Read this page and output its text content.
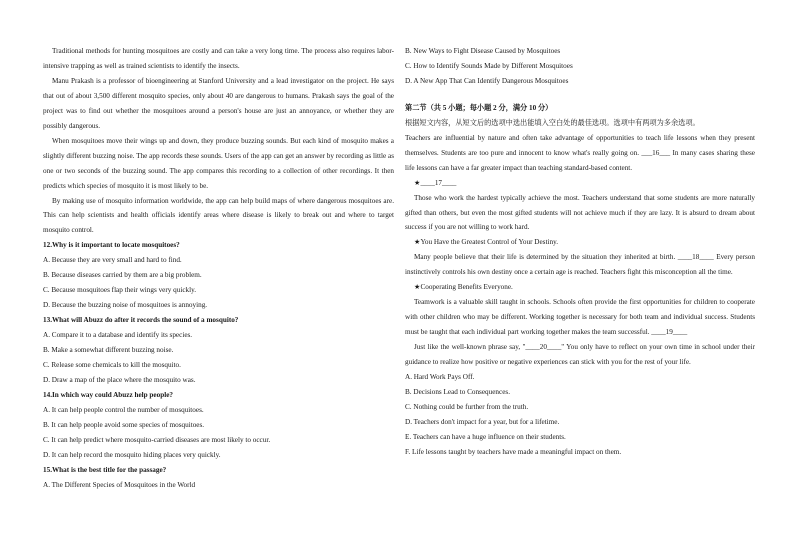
Traditional methods for hunting mosquitoes are costly and can take a very long time. The process also requires labor-intensive trapping as well as trained scientists to identify the insects.

Manu Prakash is a professor of bioengineering at Stanford University and a lead investigator on the project. He says that out of about 3,500 different mosquito species, only about 40 are dangerous to humans. Prakash says the goal of the project was to find out whether the mosquitoes around a person's house are just an annoyance, or whether they are possibly dangerous.

When mosquitoes move their wings up and down, they produce buzzing sounds. But each kind of mosquito makes a slightly different buzzing noise. The app records these sounds. Users of the app can get an answer by recording as little as one or two seconds of the buzzing sound. The app compares this recording to a collection of other recordings. It then predicts which species of mosquito it is most likely to be.

By making use of mosquito information worldwide, the app can help build maps of where dangerous mosquitoes are. This can help scientists and health officials identify areas where disease is likely to break out and where to target mosquito control.

12.Why is it important to locate mosquitoes?

A. Because they are very small and hard to find.

B. Because diseases carried by them are a big problem.

C. Because mosquitoes flap their wings very quickly.

D. Because the buzzing noise of mosquitoes is annoying.

13.What will Abuzz do after it records the sound of a mosquito?

A. Compare it to a database and identify its species.

B. Make a somewhat different buzzing noise.

C. Release some chemicals to kill the mosquito.

D. Draw a map of the place where the mosquito was.

14.In which way could Abuzz help people?

A. It can help people control the number of mosquitoes.

B. It can help people avoid some species of mosquitoes.

C. It can help predict where mosquito-carried diseases are most likely to occur.

D. It can help record the mosquito hiding places very quickly.

15.What is the best title for the passage?

A. The Different Species of Mosquitoes in the World

B. New Ways to Fight Disease Caused by Mosquitoes

C. How to Identify Sounds Made by Different Mosquitoes

D. A New App That Can Identify Dangerous Mosquitoes

第二节（共 5 小题；每小题 2 分，满分 10 分）

根据短文内容，从短文后的选项中选出能填入空白处的最佳选项。选项中有两项为多余选项。

Teachers are influential by nature and often take advantage of opportunities to teach life lessons when they present themselves. Students are too pure and innocent to know what's really going on. ___16___ In many cases sharing these life lessons can have a far greater impact than teaching standard-based content.

★____17____

Those who work the hardest typically achieve the most. Teachers understand that some students are more naturally gifted than others, but even the most gifted students will not achieve much if they are lazy. It is absurd to dream about success if you are not willing to work hard.

★You Have the Greatest Control of Your Destiny.

Many people believe that their life is determined by the situation they inherited at birth. ____18____ Every person instinctively controls his own destiny once a certain age is reached. Teachers fight this misconception all the time.

★Cooperating Benefits Everyone.

Teamwork is a valuable skill taught in schools. Schools often provide the first opportunities for children to cooperate with other children who may be different. Working together is necessary for both team and individual success. Students must be taught that each individual part working together makes the team successful. ____19____

Just like the well-known phrase say, "____20____" You only have to reflect on your own time in school under their guidance to realize how positive or negative experiences can stick with you for the rest of your life.

A. Hard Work Pays Off.

B. Decisions Lead to Consequences.

C. Nothing could be further from the truth.

D. Teachers don't impact for a year, but for a lifetime.

E. Teachers can have a huge influence on their students.

F. Life lessons taught by teachers have made a meaningful impact on them.
